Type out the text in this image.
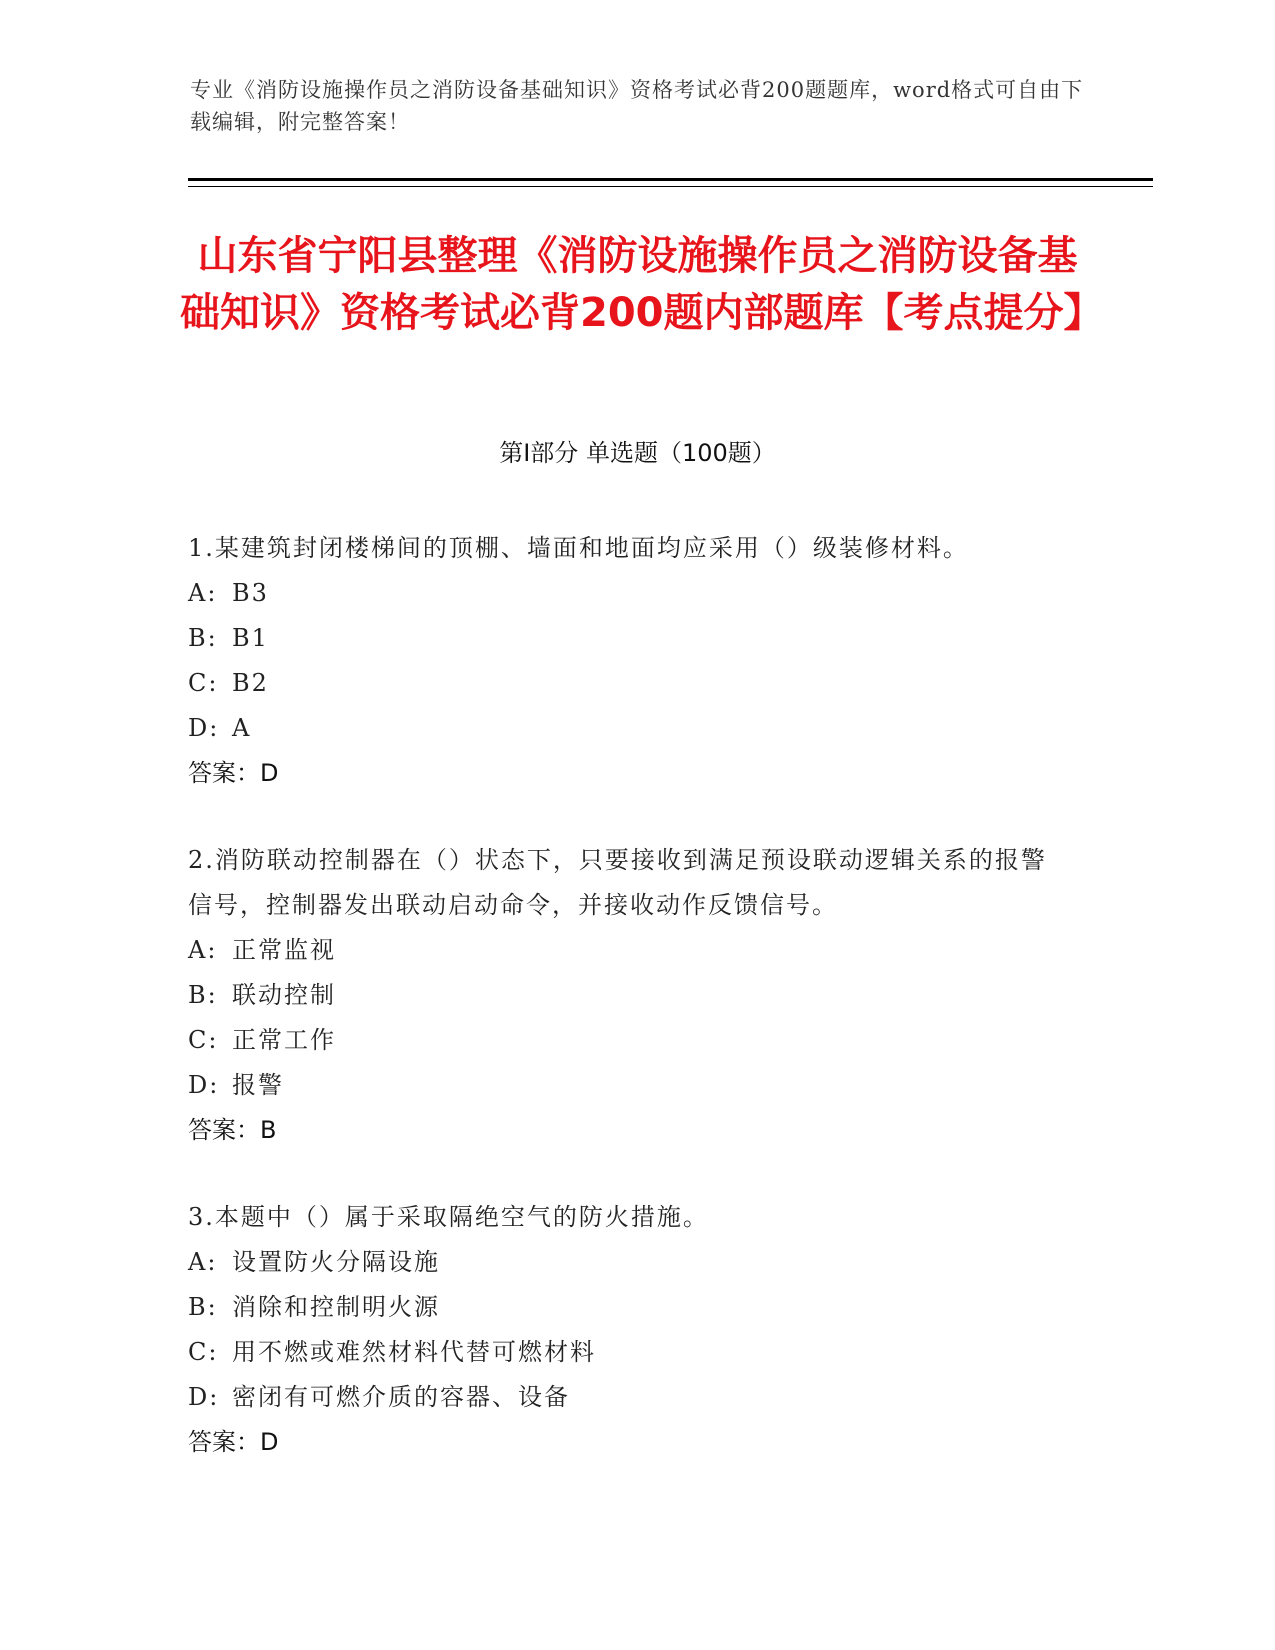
专业《消防设施操作员之消防设备基础知识》资格考试必背200题题库，word格式可自由下载编辑，附完整答案！
山东省宁阳县整理《消防设施操作员之消防设备基础知识》资格考试必背200题内部题库【考点提分】
第I部分 单选题（100题）
1.某建筑封闭楼梯间的顶棚、墙面和地面均应采用（）级装修材料。
A: B3
B: B1
C: B2
D: A
答案：D
2.消防联动控制器在（）状态下，只要接收到满足预设联动逻辑关系的报警信号，控制器发出联动启动命令，并接收动作反馈信号。
A: 正常监视
B: 联动控制
C: 正常工作
D: 报警
答案：B
3.本题中（）属于采取隔绝空气的防火措施。
A: 设置防火分隔设施
B: 消除和控制明火源
C: 用不燃或难然材料代替可燃材料
D: 密闭有可燃介质的容器、设备
答案：D
